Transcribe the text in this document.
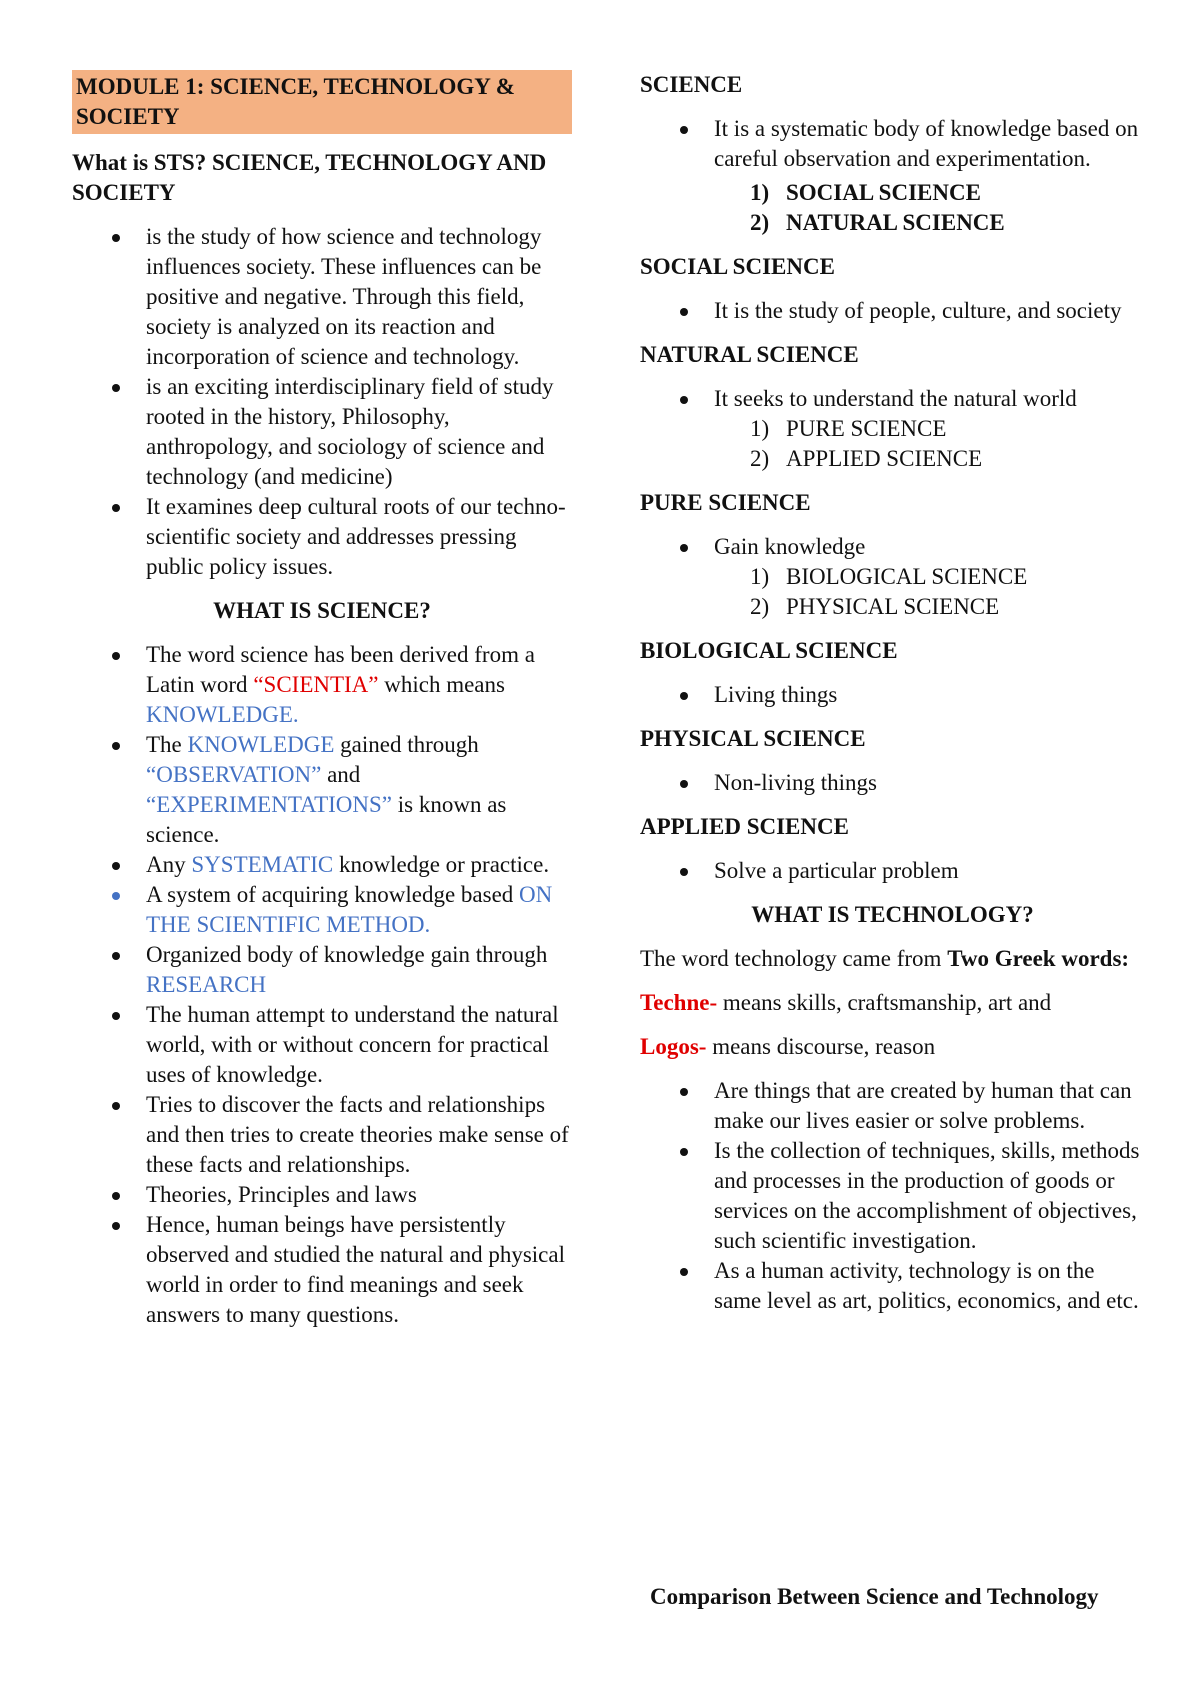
MODULE 1: SCIENCE, TECHNOLOGY & SOCIETY
What is STS? SCIENCE, TECHNOLOGY AND SOCIETY
is the study of how science and technology influences society. These influences can be positive and negative. Through this field, society is analyzed on its reaction and incorporation of science and technology.
is an exciting interdisciplinary field of study rooted in the history, Philosophy, anthropology, and sociology of science and technology (and medicine)
It examines deep cultural roots of our techno- scientific society and addresses pressing public policy issues.
WHAT IS SCIENCE?
The word science has been derived from a Latin word “SCIENTIA” which means KNOWLEDGE.
The KNOWLEDGE gained through “OBSERVATION” and “EXPERIMENTATIONS” is known as science.
Any SYSTEMATIC knowledge or practice.
A system of acquiring knowledge based ON THE SCIENTIFIC METHOD.
Organized body of knowledge gain through RESEARCH
The human attempt to understand the natural world, with or without concern for practical uses of knowledge.
Tries to discover the facts and relationships and then tries to create theories make sense of these facts and relationships.
Theories, Principles and laws
Hence, human beings have persistently observed and studied the natural and physical world in order to find meanings and seek answers to many questions.
SCIENCE
It is a systematic body of knowledge based on careful observation and experimentation.
1) SOCIAL SCIENCE
2) NATURAL SCIENCE
SOCIAL SCIENCE
It is the study of people, culture, and society
NATURAL SCIENCE
It seeks to understand the natural world
1) PURE SCIENCE
2) APPLIED SCIENCE
PURE SCIENCE
Gain knowledge
1) BIOLOGICAL SCIENCE
2) PHYSICAL SCIENCE
BIOLOGICAL SCIENCE
Living things
PHYSICAL SCIENCE
Non-living things
APPLIED SCIENCE
Solve a particular problem
WHAT IS TECHNOLOGY?

The word technology came from Two Greek words:

Techne- means skills, craftsmanship, art and

Logos- means discourse, reason

Are things that are created by human that can make our lives easier or solve problems.
Is the collection of techniques, skills, methods and processes in the production of goods or services on the accomplishment of objectives, such scientific investigation.
As a human activity, technology is on the same level as art, politics, economics, and etc.
Comparison Between Science and Technology
